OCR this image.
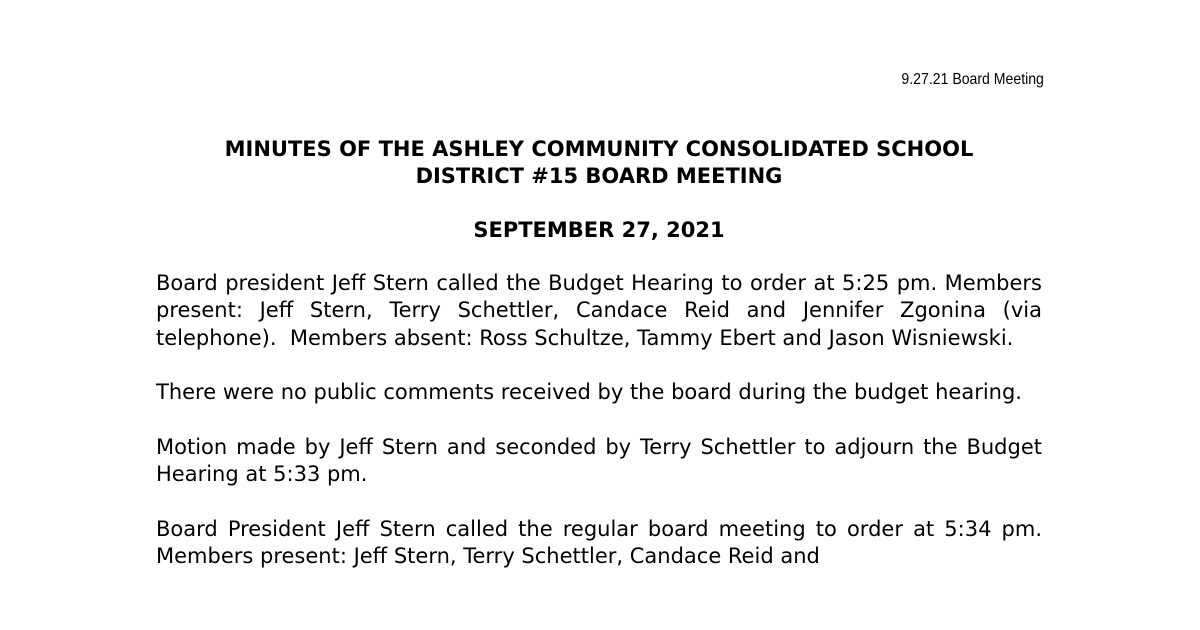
9.27.21 Board Meeting
MINUTES OF THE ASHLEY COMMUNITY CONSOLIDATED SCHOOL
DISTRICT #15 BOARD MEETING
SEPTEMBER 27, 2021

Board president Jeff Stern called the Budget Hearing to order at 5:25 pm. Members present: Jeff Stern, Terry Schettler, Candace Reid and Jennifer Zgonina (via telephone).  Members absent: Ross Schultze, Tammy Ebert and Jason Wisniewski.

There were no public comments received by the board during the budget hearing.

Motion made by Jeff Stern and seconded by Terry Schettler to adjourn the Budget Hearing at 5:33 pm.

Board President Jeff Stern called the regular board meeting to order at 5:34 pm.  Members present: Jeff Stern, Terry Schettler, Candace Reid and
